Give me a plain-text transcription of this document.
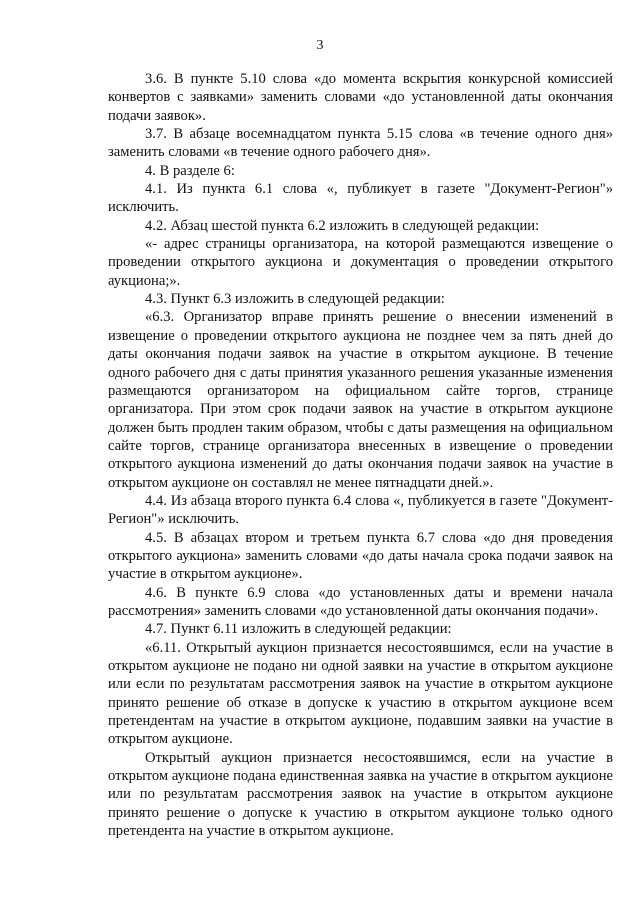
3

3.6. В пункте 5.10 слова «до момента вскрытия конкурсной комиссией конвертов с заявками» заменить словами «до установленной даты окончания подачи заявок».

3.7. В абзаце восемнадцатом пункта 5.15 слова «в течение одного дня» заменить словами «в течение одного рабочего дня».

4. В разделе 6:

4.1. Из пункта 6.1 слова «, публикует в газете "Документ-Регион"» исключить.

4.2. Абзац шестой пункта 6.2 изложить в следующей редакции:

«- адрес страницы организатора, на которой размещаются извещение о проведении открытого аукциона и документация о проведении открытого аукциона;».

4.3. Пункт 6.3 изложить в следующей редакции:

«6.3. Организатор вправе принять решение о внесении изменений в извещение о проведении открытого аукциона не позднее чем за пять дней до даты окончания подачи заявок на участие в открытом аукционе. В течение одного рабочего дня с даты принятия указанного решения указанные изменения размещаются организатором на официальном сайте торгов, странице организатора. При этом срок подачи заявок на участие в открытом аукционе должен быть продлен таким образом, чтобы с даты размещения на официальном сайте торгов, странице организатора внесенных в извещение о проведении открытого аукциона изменений до даты окончания подачи заявок на участие в открытом аукционе он составлял не менее пятнадцати дней.».

4.4. Из абзаца второго пункта 6.4 слова «, публикуется в газете "Документ-Регион"» исключить.

4.5. В абзацах втором и третьем пункта 6.7 слова «до дня проведения открытого аукциона» заменить словами «до даты начала срока подачи заявок на участие в открытом аукционе».

4.6. В пункте 6.9 слова «до установленных даты и времени начала рассмотрения» заменить словами «до установленной даты окончания подачи».

4.7. Пункт 6.11 изложить в следующей редакции:

«6.11. Открытый аукцион признается несостоявшимся, если на участие в открытом аукционе не подано ни одной заявки на участие в открытом аукционе или если по результатам рассмотрения заявок на участие в открытом аукционе принято решение об отказе в допуске к участию в открытом аукционе всем претендентам на участие в открытом аукционе, подавшим заявки на участие в открытом аукционе.

Открытый аукцион признается несостоявшимся, если на участие в открытом аукционе подана единственная заявка на участие в открытом аукционе или по результатам рассмотрения заявок на участие в открытом аукционе принято решение о допуске к участию в открытом аукционе только одного претендента на участие в открытом аукционе.
